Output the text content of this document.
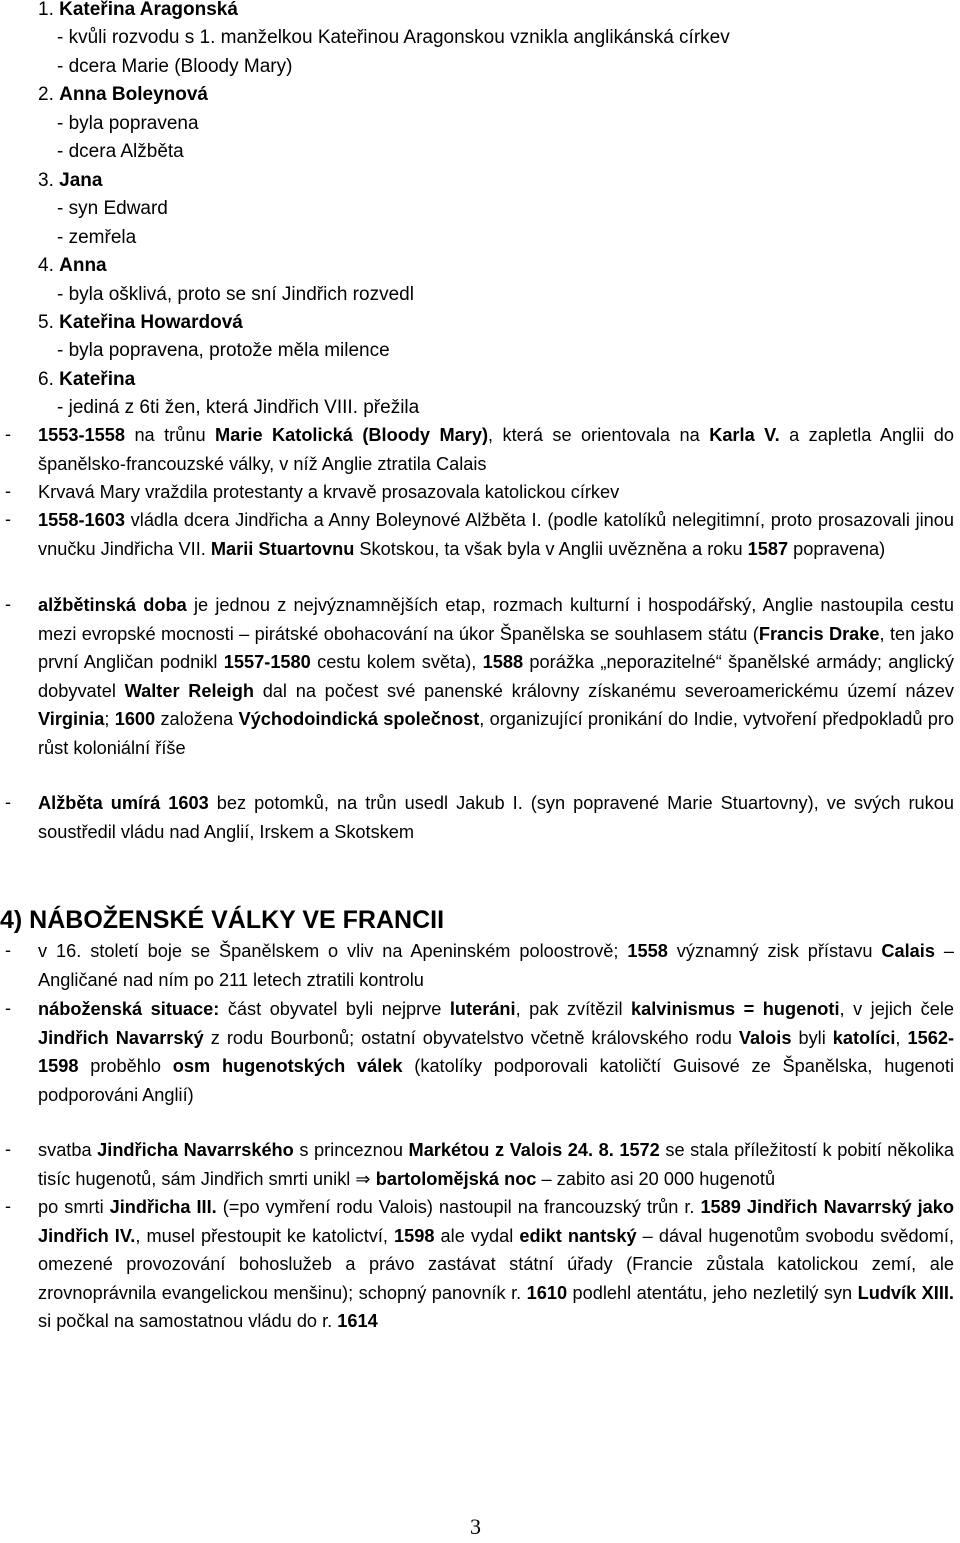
1. Kateřina Aragonská
- kvůli rozvodu s 1. manželkou Kateřinou Aragonskou vznikla anglikánská církev
- dcera Marie (Bloody Mary)
2. Anna Boleynová
- byla popravena
- dcera Alžběta
3. Jana
- syn Edward
- zemřela
4. Anna
- byla ošklivá, proto se sní Jindřich rozvedl
5. Kateřina Howardová
- byla popravena, protože měla milence
6. Kateřina
- jediná z 6ti žen, která Jindřich VIII. přežila
- 1553-1558 na trůnu Marie Katolická (Bloody Mary), která se orientovala na Karla V. a zapletla Anglii do španělsko-francouzské války, v níž Anglie ztratila Calais
- Krvavá Mary vraždila protestanty a krvavě prosazovala katolickou církev
- 1558-1603 vládla dcera Jindřicha a Anny Boleynové Alžběta I. (podle katolíků nelegitimní, proto prosazovali jinou vnučku Jindřicha VII. Marii Stuartovnu Skotskou, ta však byla v Anglii uvězněna a roku 1587 popravena)
- alžbětinská doba je jednou z nejvýznamnějších etap, rozmach kulturní i hospodářský, Anglie nastoupila cestu mezi evropské mocnosti – pirátské obohacování na úkor Španělska se souhlasem státu (Francis Drake, ten jako první Angličan podnikl 1557-1580 cestu kolem světa), 1588 porážka „neporazitelné“ španělské armády; anglický dobyvatel Walter Releigh dal na počest své panenské královny získanému severoamerickému území název Virginia; 1600 založena Východoindická společnost, organizující pronikání do Indie, vytvoření předpokladů pro růst koloniální říše
- Alžběta umírá 1603 bez potomků, na trůn usedl Jakub I. (syn popravené Marie Stuartovny), ve svých rukou soustředil vládu nad Anglií, Irskem a Skotskem
4) NÁBOŽENSKÉ VÁLKY VE FRANCII
- v 16. století boje se Španělskem o vliv na Apeninském poloostrově; 1558 významný zisk přístavu Calais – Angličané nad ním po 211 letech ztratili kontrolu
- náboženská situace: část obyvatel byli nejprve luteráni, pak zvítězil kalvinismus = hugenoti, v jejich čele Jindřich Navarrský z rodu Bourbonů; ostatní obyvatelstvo včetně královského rodu Valois byli katolíci, 1562-1598 proběhlo osm hugenotských válek (katolíky podporovali katoličtí Guisové ze Španělska, hugenoti podporováni Anglií)
- svatba Jindřicha Navarrského s princeznou Markétou z Valois 24. 8. 1572 se stala příležitostí k pobití několika tisíc hugenotů, sám Jindřich smrti unikl ⇒ bartolomějská noc – zabito asi 20 000 hugenotů
- po smrti Jindřicha III. (=po vymření rodu Valois) nastoupil na francouzský trůn r. 1589 Jindřich Navarrský jako Jindřich IV., musel přestoupit ke katolictví, 1598 ale vydal edikt nantský – dával hugenotům svobodu svědomí, omezené provozování bohoslužeb a právo zastávat státní úřady (Francie zůstala katolickou zemí, ale zrovnoprávnila evangelickou menšinu); schopný panovník r. 1610 podlehl atentátu, jeho nezletilý syn Ludvík XIII. si počkal na samostatnou vládu do r. 1614
3
